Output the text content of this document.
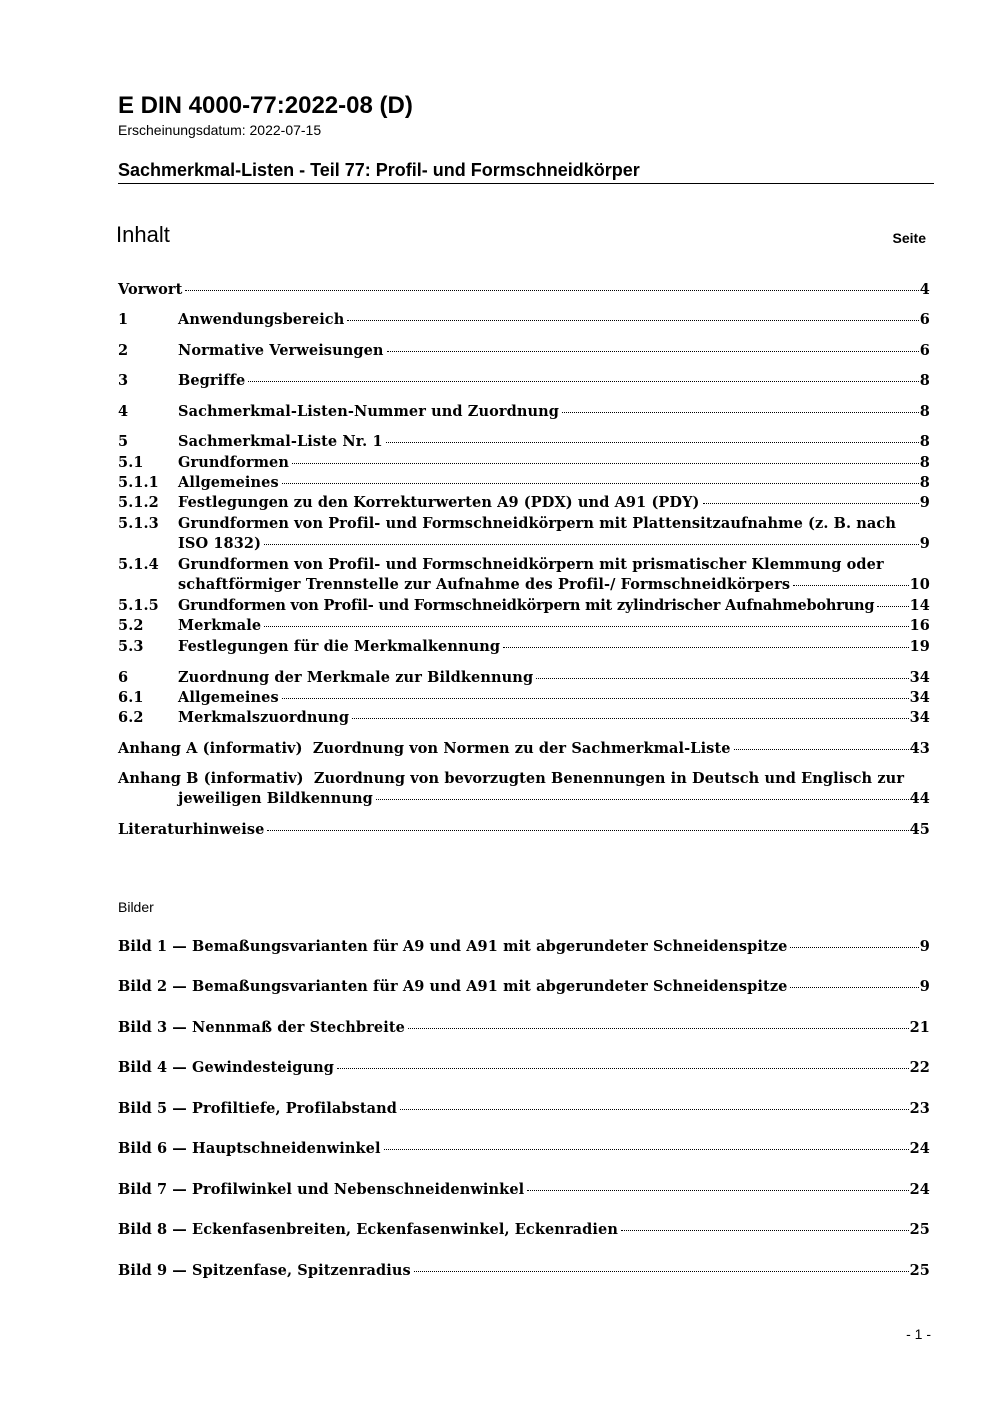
E DIN 4000-77:2022-08 (D)
Erscheinungsdatum: 2022-07-15
Sachmerkmal-Listen - Teil 77: Profil- und Formschneidkörper
Inhalt	Seite
Vorwort	4
1	Anwendungsbereich	6
2	Normative Verweisungen	6
3	Begriffe	8
4	Sachmerkmal-Listen-Nummer und Zuordnung	8
5	Sachmerkmal-Liste Nr. 1	8
5.1	Grundformen	8
5.1.1	Allgemeines	8
5.1.2	Festlegungen zu den Korrekturwerten A9 (PDX) und A91 (PDY)	9
5.1.3	Grundformen von Profil- und Formschneidkörpern mit Plattensitzaufnahme (z. B. nach
ISO 1832)	9
5.1.4	Grundformen von Profil- und Formschneidkörpern mit prismatischer Klemmung oder
schaftförmiger Trennstelle zur Aufnahme des Profil-/ Formschneidkörpers	10
5.1.5	Grundformen von Profil- und Formschneidkörpern mit zylindrischer Aufnahmebohrung 14
5.2	Merkmale	16
5.3	Festlegungen für die Merkmalkennung	19
6	Zuordnung der Merkmale zur Bildkennung	34
6.1	Allgemeines	34
6.2	Merkmalszuordnung	34
Anhang A (informativ)  Zuordnung von Normen zu der Sachmerkmal-Liste	43
Anhang B (informativ)  Zuordnung von bevorzugten Benennungen in Deutsch und Englisch zur
jeweiligen Bildkennung	44
Literaturhinweise	45
Bilder
Bild 1 — Bemaßungsvarianten für A9 und A91 mit abgerundeter Schneidenspitze	9
Bild 2 — Bemaßungsvarianten für A9 und A91 mit abgerundeter Schneidenspitze	9
Bild 3 — Nennmaß der Stechbreite	21
Bild 4 — Gewindesteigung	22
Bild 5 — Profiltiefe, Profilabstand	23
Bild 6 — Hauptschneidenwinkel	24
Bild 7 — Profilwinkel und Nebenschneidenwinkel	24
Bild 8 — Eckenfasenbreiten, Eckenfasenwinkel, Eckenradien	25
Bild 9 — Spitzenfase, Spitzenradius	25
- 1 -
